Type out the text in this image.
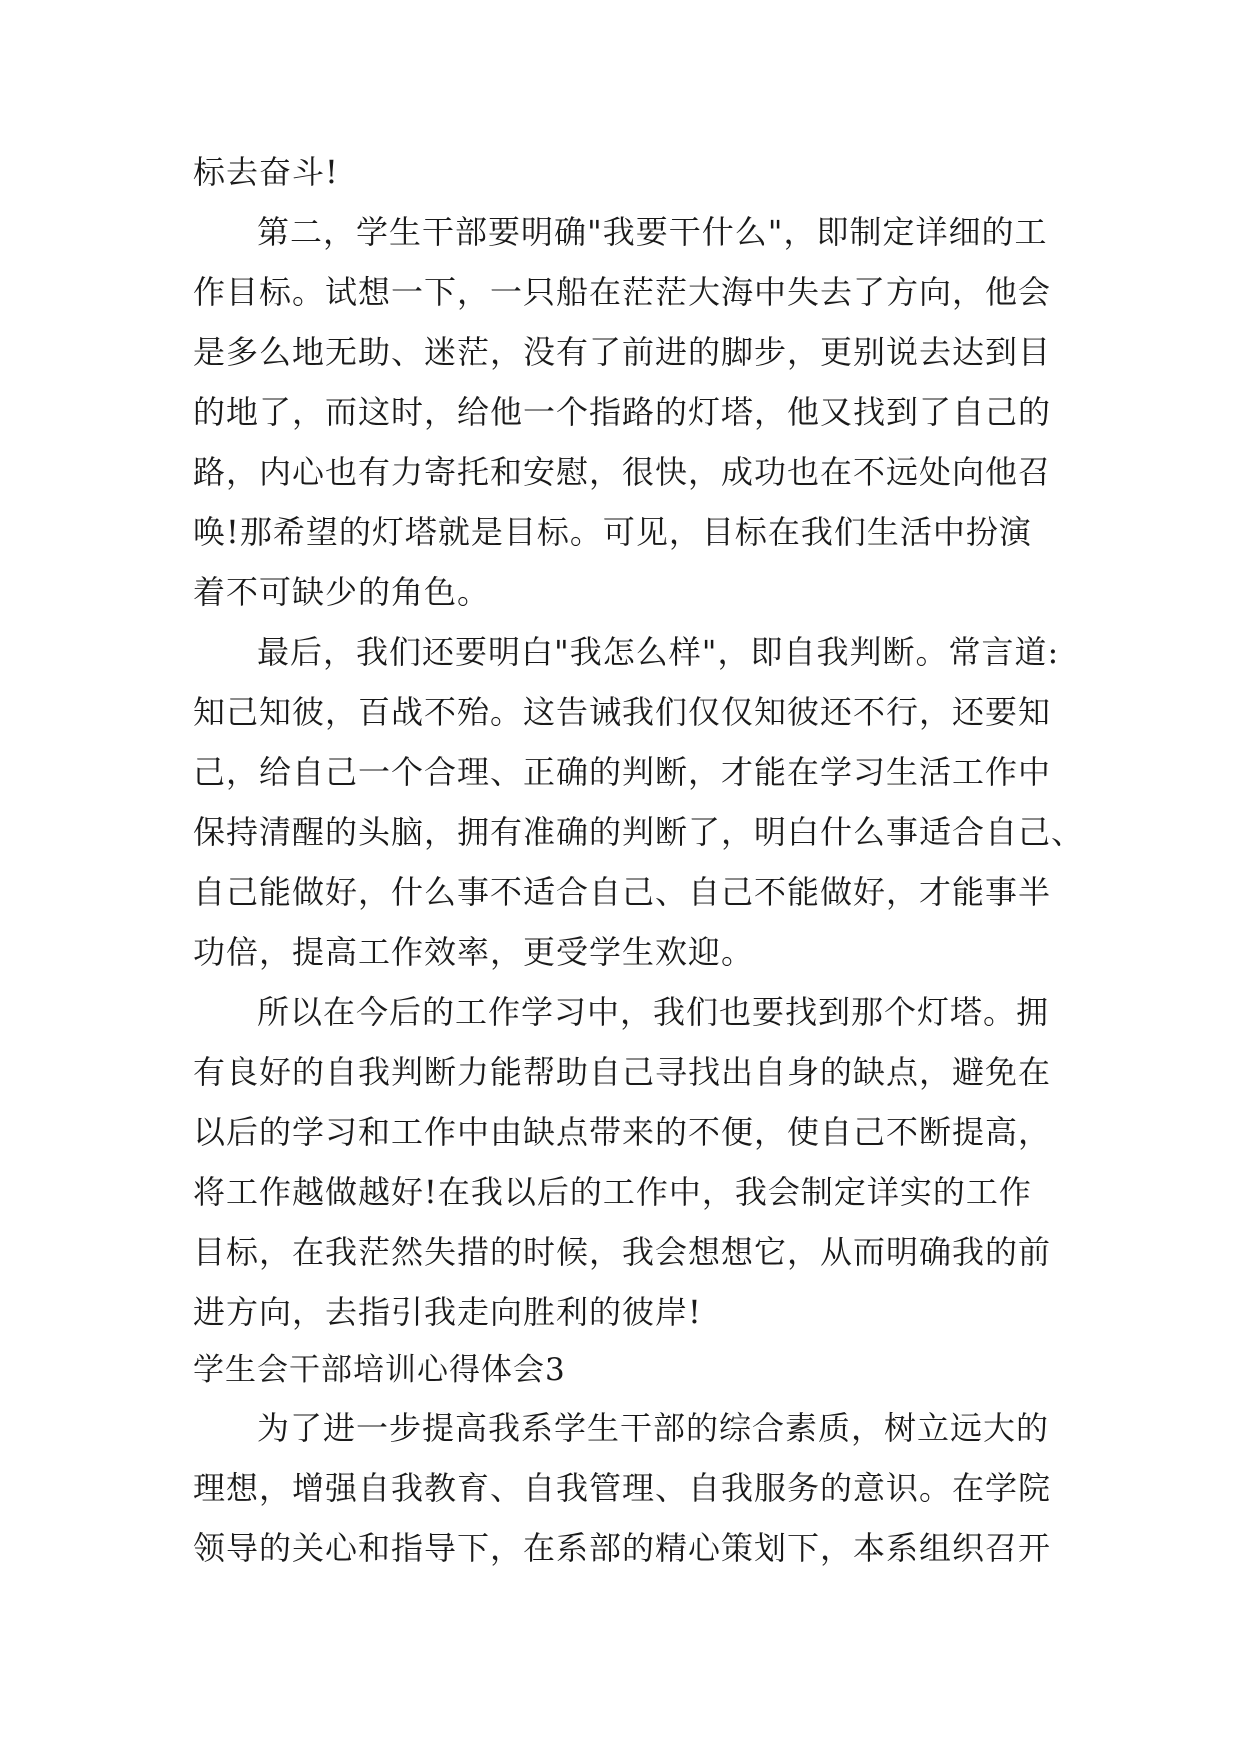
标去奋斗!
第二，学生干部要明确"我要干什么"，即制定详细的工
作目标。试想一下，一只船在茫茫大海中失去了方向，他会
是多么地无助、迷茫，没有了前进的脚步，更别说去达到目
的地了，而这时，给他一个指路的灯塔，他又找到了自己的
路，内心也有力寄托和安慰，很快，成功也在不远处向他召
唤!那希望的灯塔就是目标。可见，目标在我们生活中扮演
着不可缺少的角色。
最后，我们还要明白"我怎么样"，即自我判断。常言道:
知己知彼，百战不殆。这告诫我们仅仅知彼还不行，还要知
己，给自己一个合理、正确的判断，才能在学习生活工作中
保持清醒的头脑，拥有准确的判断了，明白什么事适合自己、
自己能做好，什么事不适合自己、自己不能做好，才能事半
功倍，提高工作效率，更受学生欢迎。
所以在今后的工作学习中，我们也要找到那个灯塔。拥
有良好的自我判断力能帮助自己寻找出自身的缺点，避免在
以后的学习和工作中由缺点带来的不便，使自己不断提高，
将工作越做越好!在我以后的工作中，我会制定详实的工作
目标，在我茫然失措的时候，我会想想它，从而明确我的前
进方向，去指引我走向胜利的彼岸!
学生会干部培训心得体会3
为了进一步提高我系学生干部的综合素质，树立远大的
理想，增强自我教育、自我管理、自我服务的意识。在学院
领导的关心和指导下，在系部的精心策划下，本系组织召开
